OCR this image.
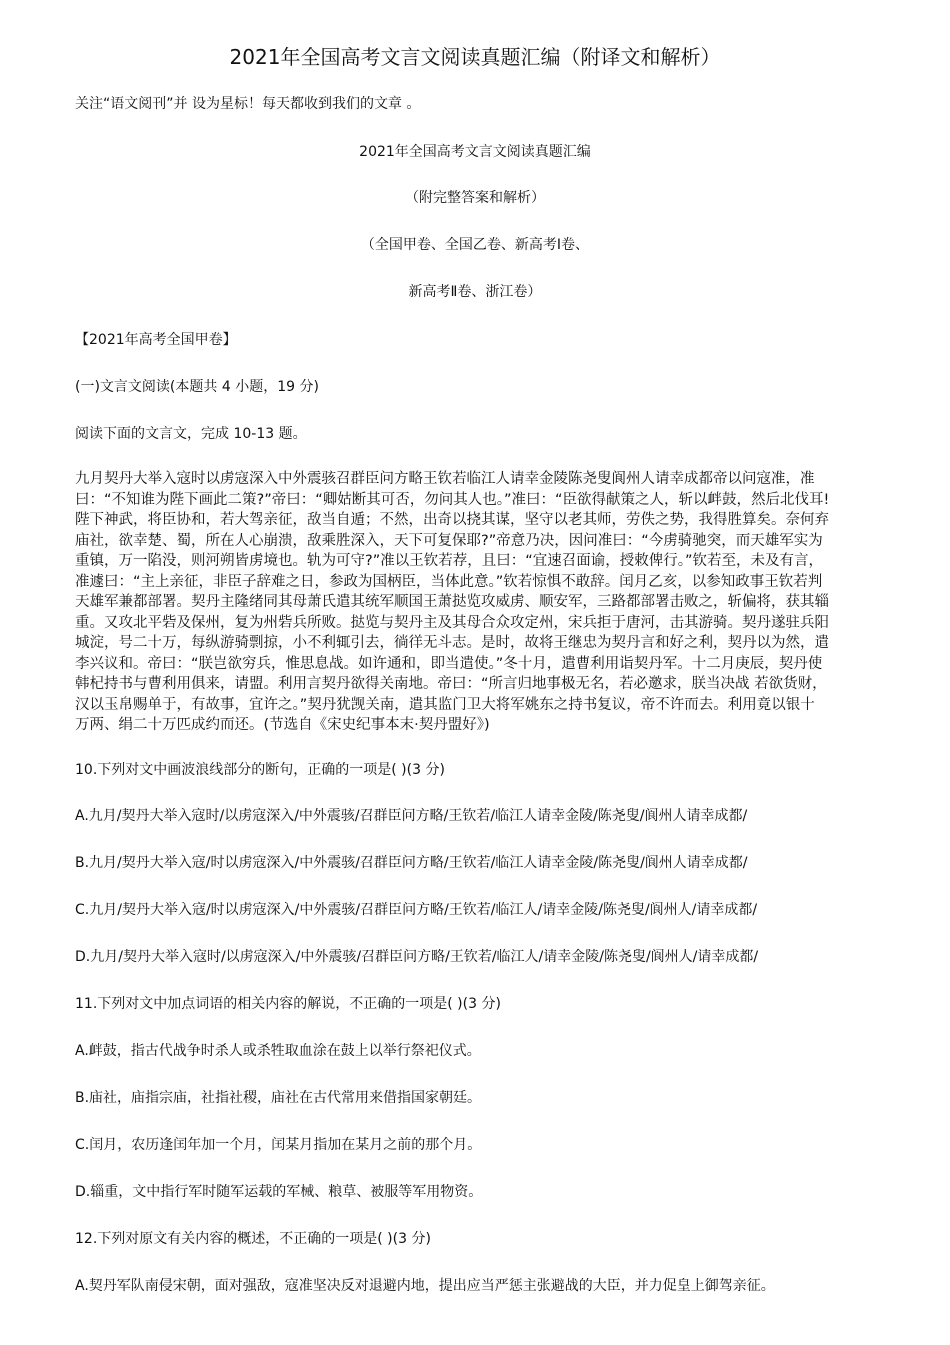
2021年全国高考文言文阅读真题汇编（附译文和解析）
关注“语文阅刊”并 设为星标！每天都收到我们的文章 。
2021年全国高考文言文阅读真题汇编
（附完整答案和解析）
（全国甲卷、全国乙卷、新高考Ⅰ卷、
新高考Ⅱ卷、浙江卷）
【2021年高考全国甲卷】
(一)文言文阅读(本题共 4 小题，19 分)
阅读下面的文言文，完成 10-13 题。
九月契丹大举入寇时以虏寇深入中外震骇召群臣问方略王钦若临江人请幸金陵陈尧叟阆州人请幸成都帝以问寇准，准
曰：“不知谁为陛下画此二策?”帝曰：“卿姑断其可否，勿问其人也。”准曰：“臣欲得献策之人，斩以衅鼓，然后北伐耳!
陛下神武，将臣协和，若大驾亲征，敌当自遁；不然，出奇以挠其谋，坚守以老其师，劳佚之势，我得胜算矣。奈何弃
庙社，欲幸楚、蜀，所在人心崩溃，敌乘胜深入，天下可复保耶?”帝意乃决，因问准曰：“今虏骑驰突，而天雄军实为
重镇，万一陷没，则河朔皆虏境也。轨为可守?”准以王钦若荐，且曰：“宜速召面谕，授敕俾行。”钦若至，未及有言，
准遽曰：“主上亲征，非臣子辞难之日，参政为国柄臣，当体此意。”钦若惊惧不敢辞。闰月乙亥，以参知政事王钦若判
天雄军兼都部署。契丹主隆绪同其母萧氏遣其统军顺国王萧挞览攻威虏、顺安军，三路都部署击败之，斩偏将，获其辎
重。又攻北平砦及保州，复为州砦兵所败。挞览与契丹主及其母合众攻定州，宋兵拒于唐河，击其游骑。契丹遂驻兵阳
城淀，号二十万，每纵游骑剽掠，小不利辄引去，徜徉无斗志。是时，故将王继忠为契丹言和好之利，契丹以为然，遣
李兴议和。帝曰：“朕岂欲穷兵，惟思息战。如许通和，即当遣使。”冬十月，遣曹利用诣契丹军。十二月庚辰，契丹使
韩杞持书与曹利用俱来，请盟。利用言契丹欲得关南地。帝曰：“所言归地事极无名，若必邀求，朕当决战 若欲货财，
汉以玉帛赐单于，有故事，宜许之。”契丹犹觊关南，遣其监门卫大将军姚东之持书复议，帝不许而去。利用竟以银十
万两、绢二十万匹成约而还。(节选自《宋史纪事本末·契丹盟好》)
10.下列对文中画波浪线部分的断句，正确的一项是( )(3 分)
A.九月/契丹大举入寇时/以虏寇深入/中外震骇/召群臣问方略/王钦若/临江人请幸金陵/陈尧叟/阆州人请幸成都/
B.九月/契丹大举入寇/时以虏寇深入/中外震骇/召群臣问方略/王钦若/临江人请幸金陵/陈尧叟/阆州人请幸成都/
C.九月/契丹大举入寇/时以虏寇深入/中外震骇/召群臣问方略/王钦若/临江人/请幸金陵/陈尧叟/阆州人/请幸成都/
D.九月/契丹大举入寇时/以虏寇深入/中外震骇/召群臣问方略/王钦若/临江人/请幸金陵/陈尧叟/阆州人/请幸成都/
11.下列对文中加点词语的相关内容的解说，不正确的一项是( )(3 分)
A.衅鼓，指古代战争时杀人或杀牲取血涂在鼓上以举行祭祀仪式。
B.庙社，庙指宗庙，社指社稷，庙社在古代常用来借指国家朝廷。
C.闰月，农历逢闰年加一个月，闰某月指加在某月之前的那个月。
D.辎重，文中指行军时随军运载的军械、粮草、被服等军用物资。
12.下列对原文有关内容的概述，不正确的一项是( )(3 分)
A.契丹军队南侵宋朝，面对强敌，寇准坚决反对退避内地，提出应当严惩主张避战的大臣，并力促皇上御驾亲征。
